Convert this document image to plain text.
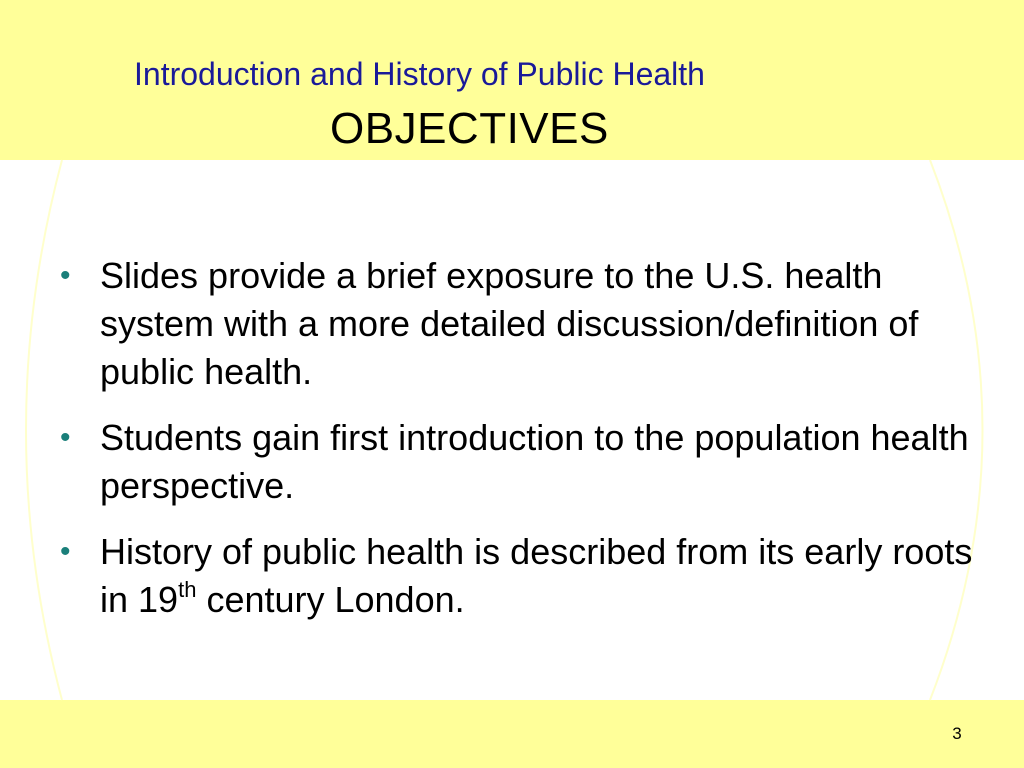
Introduction and History of Public Health
OBJECTIVES
• Slides provide a brief exposure to the U.S. health system with a more detailed discussion/definition of public health.
• Students gain first introduction to the population health perspective.
• History of public health is described from its early roots in 19th century London.
3
